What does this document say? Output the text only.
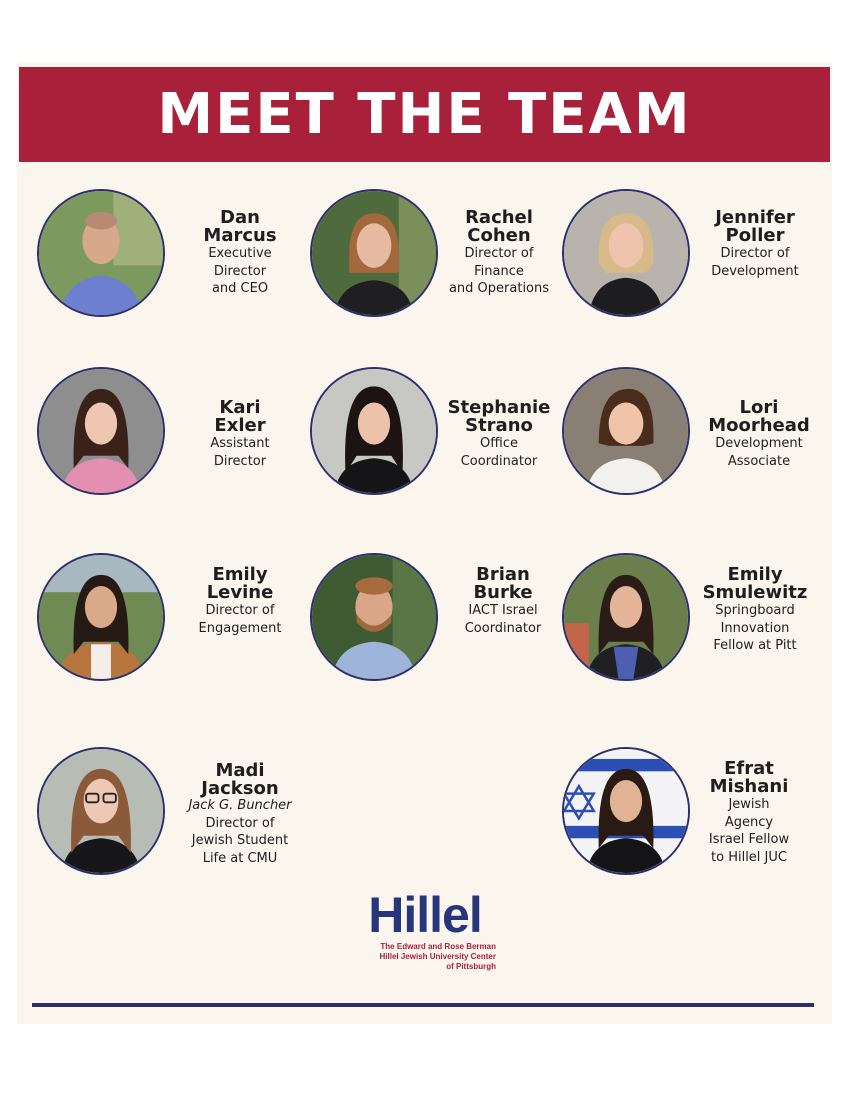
MEET THE TEAM
Dan
Marcus
Executive
Director
and CEO
Rachel
Cohen
Director of
Finance
and Operations
Jennifer
Poller
Director of
Development
Kari
Exler
Assistant
Director
Stephanie
Strano
Office
Coordinator
Lori
Moorhead
Development
Associate
Emily
Levine
Director of
Engagement
Brian
Burke
IACT Israel
Coordinator
Emily
Smulewitz
Springboard
Innovation
Fellow at Pitt
Madi
Jackson
Jack G. Buncher
Director of
Jewish Student
Life at CMU
Efrat
Mishani
Jewish
Agency
Israel Fellow
to Hillel JUC
Hillel
The Edward and Rose Berman
Hillel Jewish University Center
of Pittsburgh
